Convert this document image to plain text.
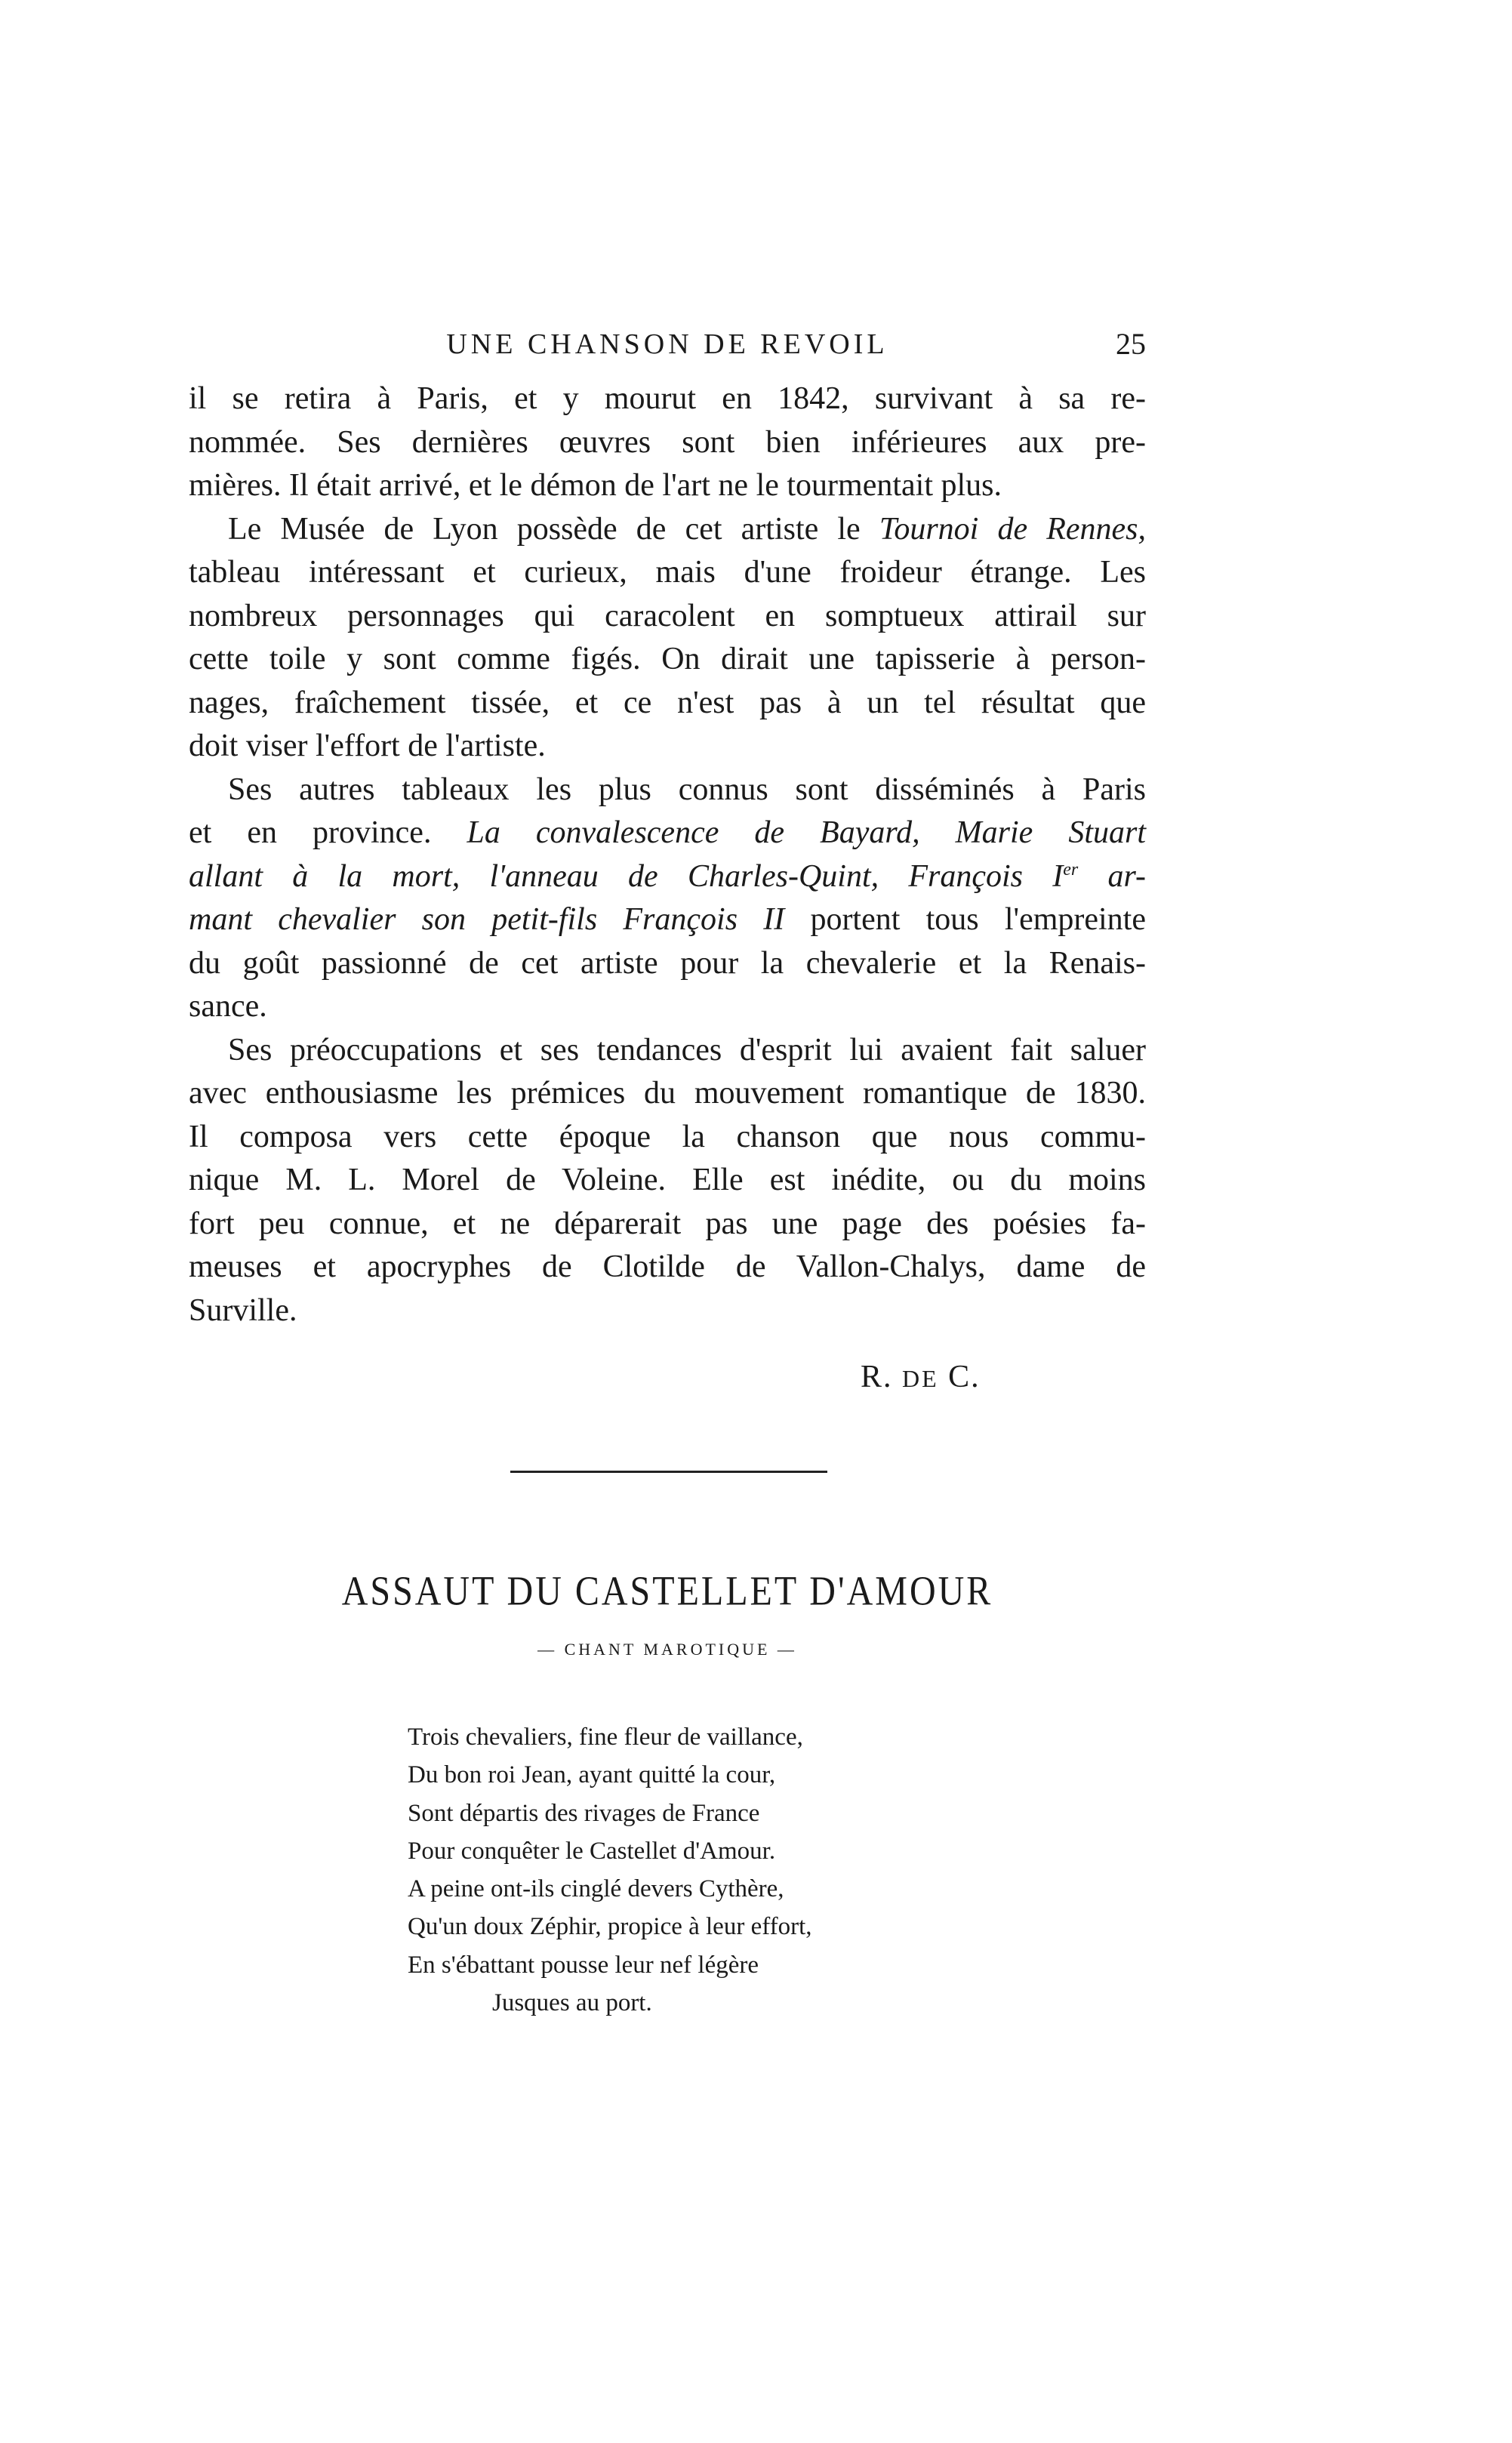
UNE CHANSON DE REVOIL	25
il se retira à Paris, et y mourut en 1842, survivant à sa re-
nommée. Ses dernières œuvres sont bien inférieures aux pre-
mières. Il était arrivé, et le démon de l'art ne le tourmentait plus.
Le Musée de Lyon possède de cet artiste le Tournoi de Rennes,
tableau intéressant et curieux, mais d'une froideur étrange. Les
nombreux personnages qui caracolent en somptueux attirail sur
cette toile y sont comme figés. On dirait une tapisserie à person-
nages, fraîchement tissée, et ce n'est pas à un tel résultat que
doit viser l'effort de l'artiste.
Ses autres tableaux les plus connus sont disséminés à Paris
et en province. La convalescence de Bayard, Marie Stuart
allant à la mort, l'anneau de Charles-Quint, François Ier ar-
mant chevalier son petit-fils François II portent tous l'empreinte
du goût passionné de cet artiste pour la chevalerie et la Renais-
sance.
Ses préoccupations et ses tendances d'esprit lui avaient fait saluer
avec enthousiasme les prémices du mouvement romantique de 1830.
Il composa vers cette époque la chanson que nous commu-
nique M. L. Morel de Voleine. Elle est inédite, ou du moins
fort peu connue, et ne déparerait pas une page des poésies fa-
meuses et apocryphes de Clotilde de Vallon-Chalys, dame de
Surville.
R. DE C.
ASSAUT DU CASTELLET D'AMOUR
— CHANT MAROTIQUE —
Trois chevaliers, fine fleur de vaillance,
Du bon roi Jean, ayant quitté la cour,
Sont départis des rivages de France
Pour conquêter le Castellet d'Amour.
A peine ont-ils cinglé devers Cythère,
Qu'un doux Zéphir, propice à leur effort,
En s'ébattant pousse leur nef légère
Jusques au port.
